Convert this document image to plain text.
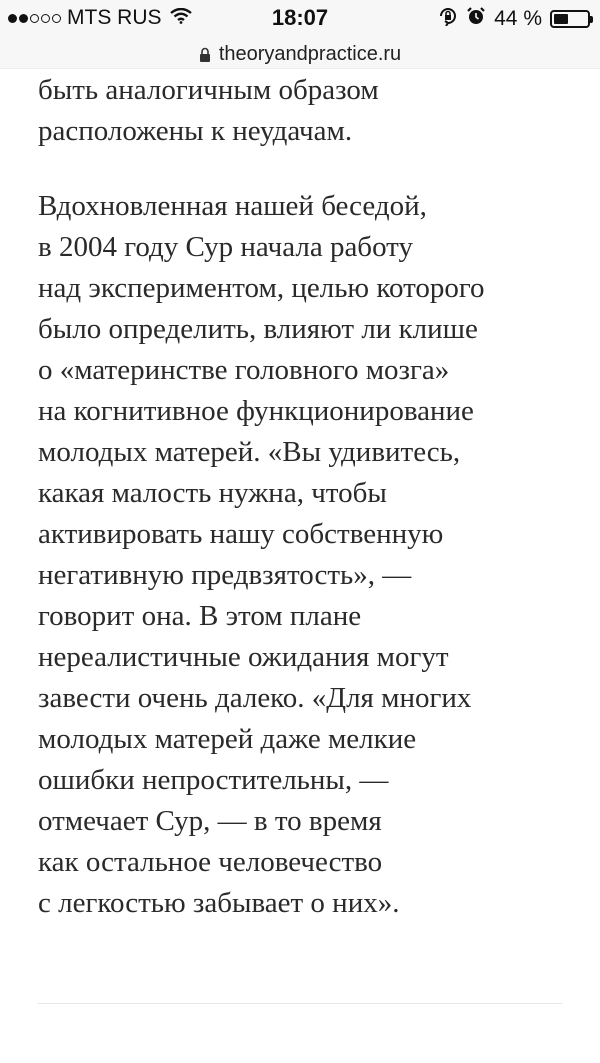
MTS RUS	18:07	44 %
theoryandpractice.ru

быть аналогичным образом
расположены к неудачам.

Вдохновленная нашей беседой,
в 2004 году Сур начала работу
над экспериментом, целью которого
было определить, влияют ли клише
о «материнстве головного мозга»
на когнитивное функционирование
молодых матерей. «Вы удивитесь,
какая малость нужна, чтобы
активировать нашу собственную
негативную предвзятость», —
говорит она. В этом плане
нереалистичные ожидания могут
завести очень далеко. «Для многих
молодых матерей даже мелкие
ошибки непростительны, —
отмечает Сур, — в то время
как остальное человечество
с легкостью забывает о них».
